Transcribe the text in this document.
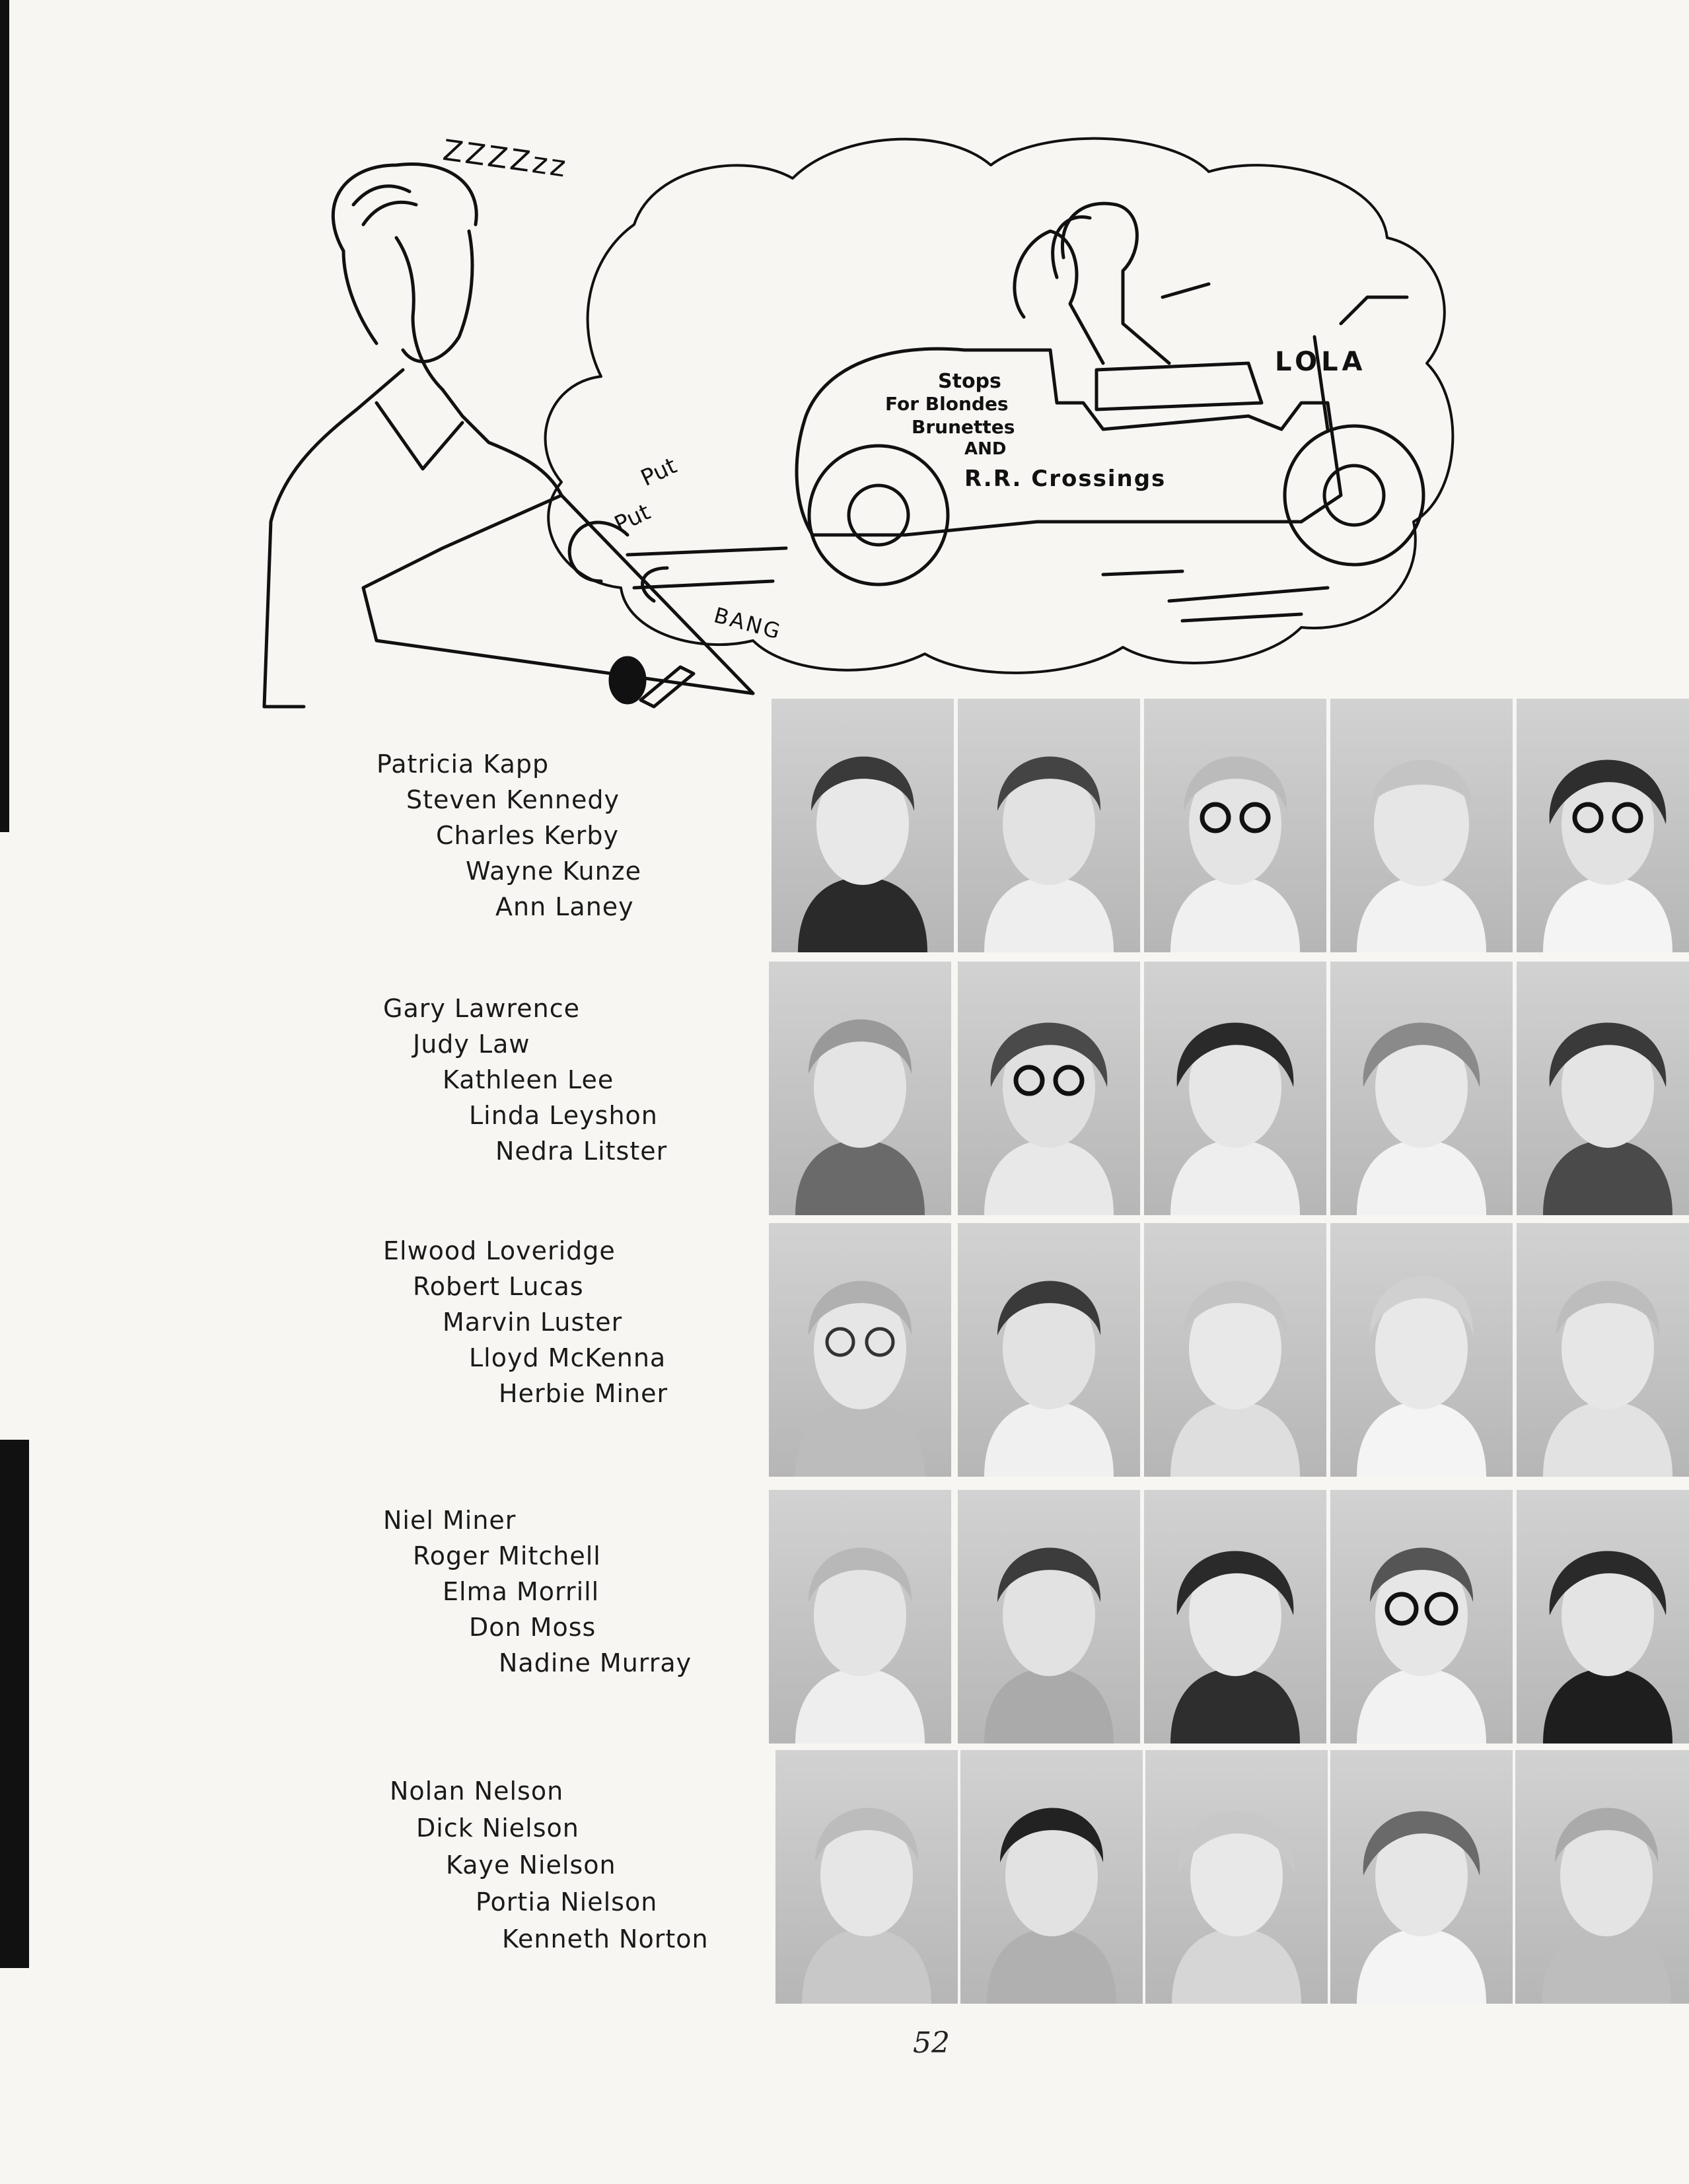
ZZZZzz
Put
Put
BANG
LOLA
Stops
For Blondes
Brunettes
AND
R.R. Crossings
Patricia Kapp
Steven Kennedy
Charles Kerby
Wayne Kunze
Ann Laney
Gary Lawrence
Judy Law
Kathleen Lee
Linda Leyshon
Nedra Litster
Elwood Loveridge
Robert Lucas
Marvin Luster
Lloyd McKenna
Herbie Miner
Niel Miner
Roger Mitchell
Elma Morrill
Don Moss
Nadine Murray
Nolan Nelson
Dick Nielson
Kaye Nielson
Portia Nielson
Kenneth Norton
52
